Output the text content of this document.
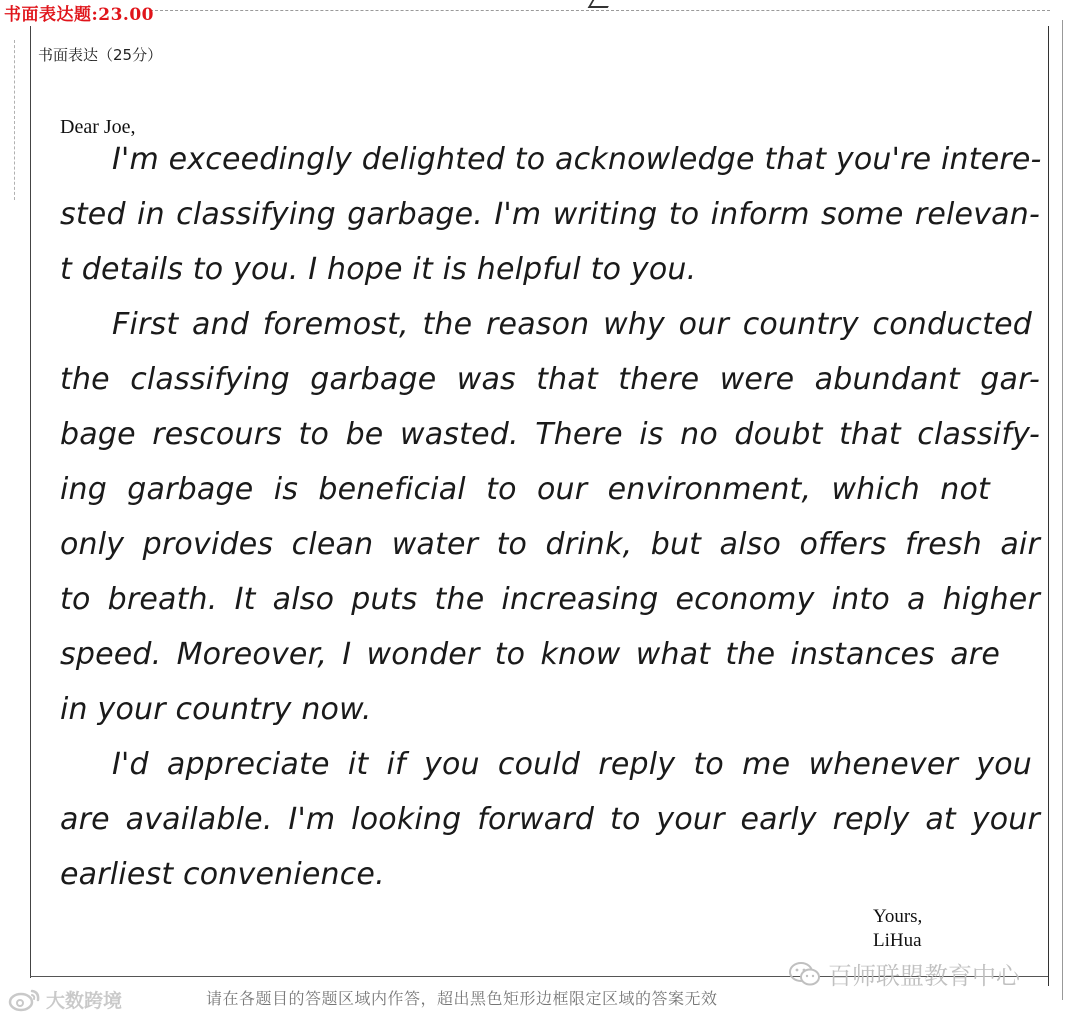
书面表达题:23.00
书面表达（25分）
Dear Joe,
I'm exceedingly delighted to acknowledge that you're intere-
sted in classifying garbage. I'm writing to inform some relevan-
t details to you. I hope it is helpful to you.
First and foremost, the reason why our country conducted
the classifying garbage was that there were abundant gar-
bage rescours to be wasted. There is no doubt that classify-
ing garbage is beneficial to our environment, which not
only provides clean water to drink, but also offers fresh air
to breath. It also puts the increasing economy into a higher
speed. Moreover, I wonder to know what the instances are
in your country now.
I'd appreciate it if you could reply to me whenever you
are available. I'm looking forward to your early reply at your
earliest convenience.
Yours,
LiHua
百师联盟教育中心
请在各题目的答题区域内作答，超出黑色矩形边框限定区域的答案无效
大数跨境
